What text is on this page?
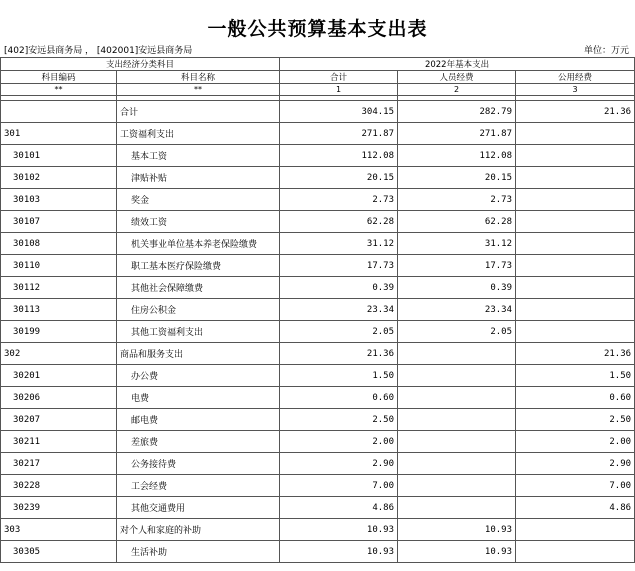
一般公共预算基本支出表
[402]安远县商务局 ， [402001]安远县商务局	单位：万元
支出经济分类科目		2022年基本支出		
科目编码	科目名称	合计	人员经费	公用经费
**	**	1	2	3

	合计	304.15	282.79	21.36
301	工资福利支出	271.87	271.87	
30101	基本工资	112.08	112.08	
30102	津贴补贴	20.15	20.15	
30103	奖金	2.73	2.73	
30107	绩效工资	62.28	62.28	
30108	机关事业单位基本养老保险缴费	31.12	31.12	
30110	职工基本医疗保险缴费	17.73	17.73	
30112	其他社会保障缴费	0.39	0.39	
30113	住房公积金	23.34	23.34	
30199	其他工资福利支出	2.05	2.05	
302	商品和服务支出	21.36		21.36
30201	办公费	1.50		1.50
30206	电费	0.60		0.60
30207	邮电费	2.50		2.50
30211	差旅费	2.00		2.00
30217	公务接待费	2.90		2.90
30228	工会经费	7.00		7.00
30239	其他交通费用	4.86		4.86
303	对个人和家庭的补助	10.93	10.93	
30305	生活补助	10.93	10.93	
